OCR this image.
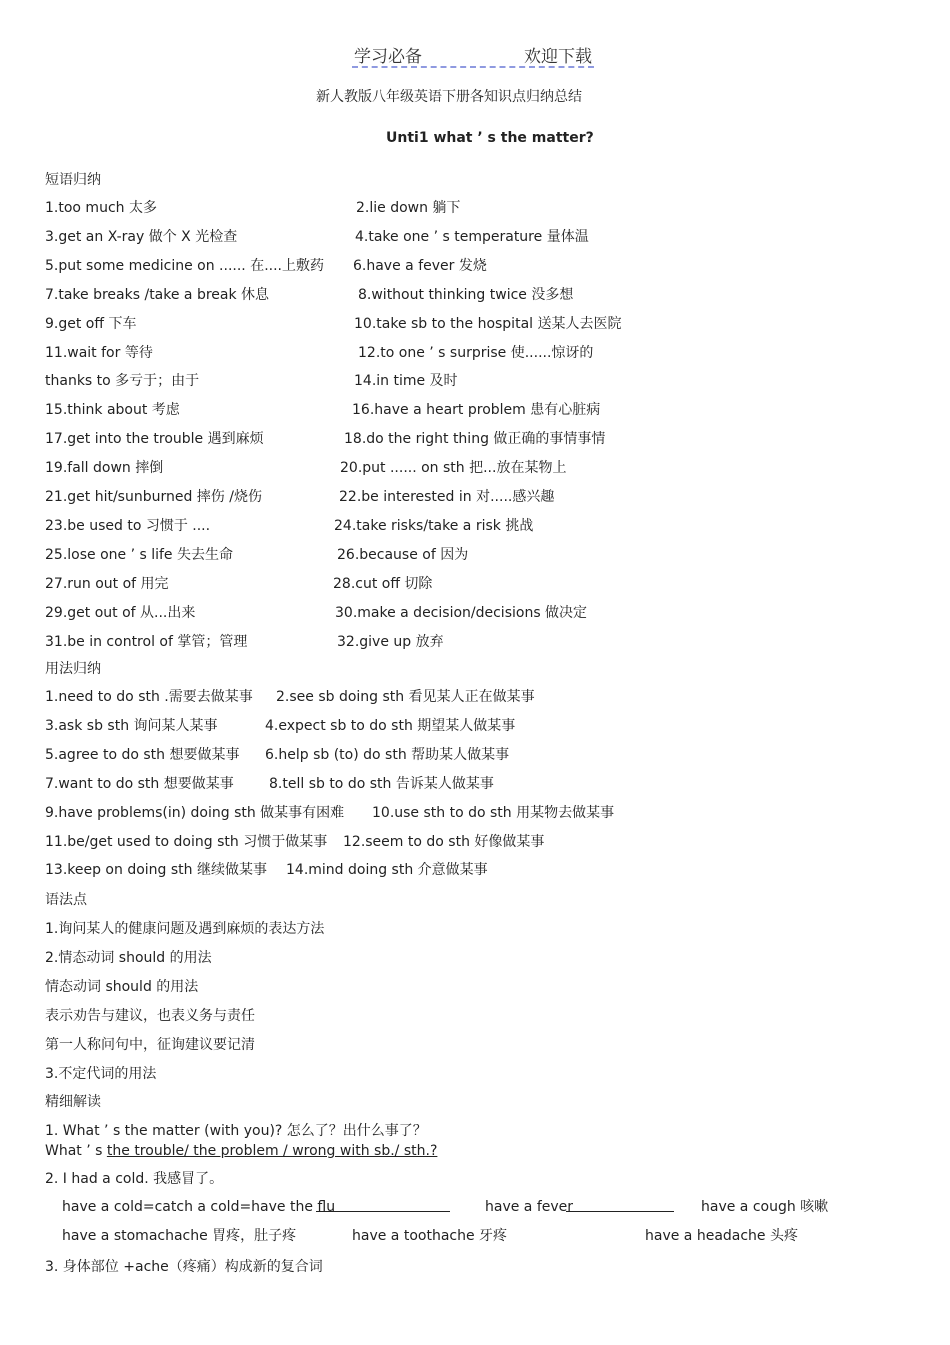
学习必备	欢迎下载
新人教版八年级英语下册各知识点归纳总结
Unti1 what ’ s the matter?
短语归纳
1.too much 太多	2.lie down 躺下
3.get an X-ray 做个 X 光检查	4.take one ’ s temperature 量体温
5.put some medicine on ...... 在....上敷药 6.have a fever 发烧
7.take breaks /take a break 休息	8.without thinking twice 没多想
9.get off 下车	10.take sb to the hospital 送某人去医院
11.wait for 等待	12.to one ’ s surprise 使......惊讶的
thanks to 多亏于；由于	14.in time 及时
15.think about 考虑	16.have a heart problem 患有心脏病
17.get into the trouble 遇到麻烦	18.do the right thing 做正确的事情事情
19.fall down 摔倒	20.put ...... on sth 把...放在某物上
21.get hit/sunburned 摔伤 /烧伤	22.be interested in 对.....感兴趣
23.be used to 习惯于 ....	24.take risks/take a risk 挑战
25.lose one ’ s life 失去生命	26.because of 因为
27.run out of 用完	28.cut off 切除
29.get out of 从...出来	30.make a decision/decisions 做决定
31.be in control of 掌管；管理	32.give up 放弃
用法归纳
1.need to do sth .需要去做某事 2.see sb doing sth 看见某人正在做某事
3.ask sb sth 询问某人某事	4.expect sb to do sth 期望某人做某事
5.agree to do sth 想要做某事 6.help sb (to) do sth 帮助某人做某事
7.want to do sth 想要做某事	8.tell sb to do sth 告诉某人做某事
9.have problems(in) doing sth 做某事有困难 10.use sth to do sth 用某物去做某事
11.be/get used to doing sth 习惯于做某事 12.seem to do sth 好像做某事
13.keep on doing sth 继续做某事 14.mind doing sth 介意做某事
语法点
1.询问某人的健康问题及遇到麻烦的表达方法
2.情态动词 should 的用法
情态动词 should 的用法
表示劝告与建议，也表义务与责任
第一人称问句中，征询建议要记清
3.不定代词的用法
精细解读
1. What ’ s the matter (with you)? 怎么了？出什么事了？
What ’ s the trouble/ the problem / wrong with sb./ sth.?
2. I had a cold. 我感冒了。
have a cold=catch a cold=have the flu	have a fever	have a cough 咳嗽
have a stomachache 胃疼，肚子疼	have a toothache 牙疼	have a headache 头疼
3. 身体部位 +ache（疼痛）构成新的复合词
